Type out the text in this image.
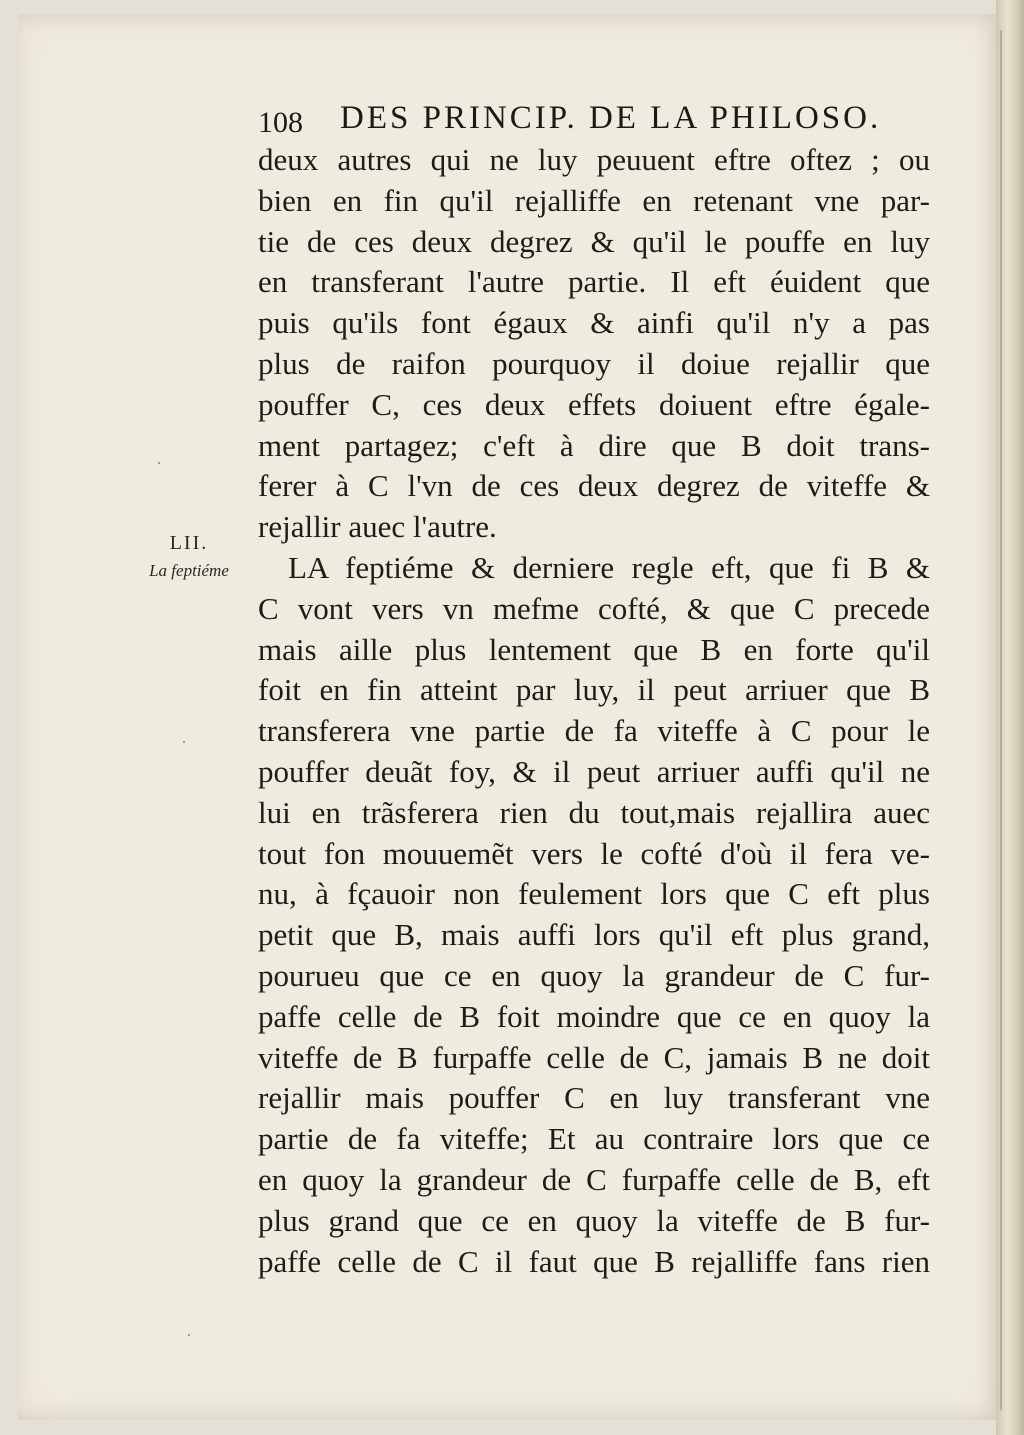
108 DES PRINCIP. DE LA PHILOSO.
LII.
La feptiéme
deux autres qui ne luy peuuent eftre oftez ; ou
bien en fin qu'il rejalliffe en retenant vne par-
tie de ces deux degrez & qu'il le pouffe en luy
en transferant l'autre partie. Il eft éuident que
puis qu'ils font égaux & ainfi qu'il n'y a pas
plus de raifon pourquoy il doiue rejallir que
pouffer C, ces deux effets doiuent eftre égale-
ment partagez; c'eft à dire que B doit trans-
ferer à C l'vn de ces deux degrez de viteffe &
rejallir auec l'autre.
LA feptiéme & derniere regle eft, que fi B &
C vont vers vn mefme cofté, & que C precede
mais aille plus lentement que B en forte qu'il
foit en fin atteint par luy, il peut arriuer que B
transferera vne partie de fa viteffe à C pour le
pouffer deuãt foy, & il peut arriuer auffi qu'il ne
lui en trãsferera rien du tout,mais rejallira auec
tout fon mouuemẽt vers le cofté d'où il fera ve-
nu, à fçauoir non feulement lors que C eft plus
petit que B, mais auffi lors qu'il eft plus grand,
pourueu que ce en quoy la grandeur de C fur-
paffe celle de B foit moindre que ce en quoy la
viteffe de B furpaffe celle de C, jamais B ne doit
rejallir mais pouffer C en luy transferant vne
partie de fa viteffe; Et au contraire lors que ce
en quoy la grandeur de C furpaffe celle de B, eft
plus grand que ce en quoy la viteffe de B fur-
paffe celle de C il faut que B rejalliffe fans rien
